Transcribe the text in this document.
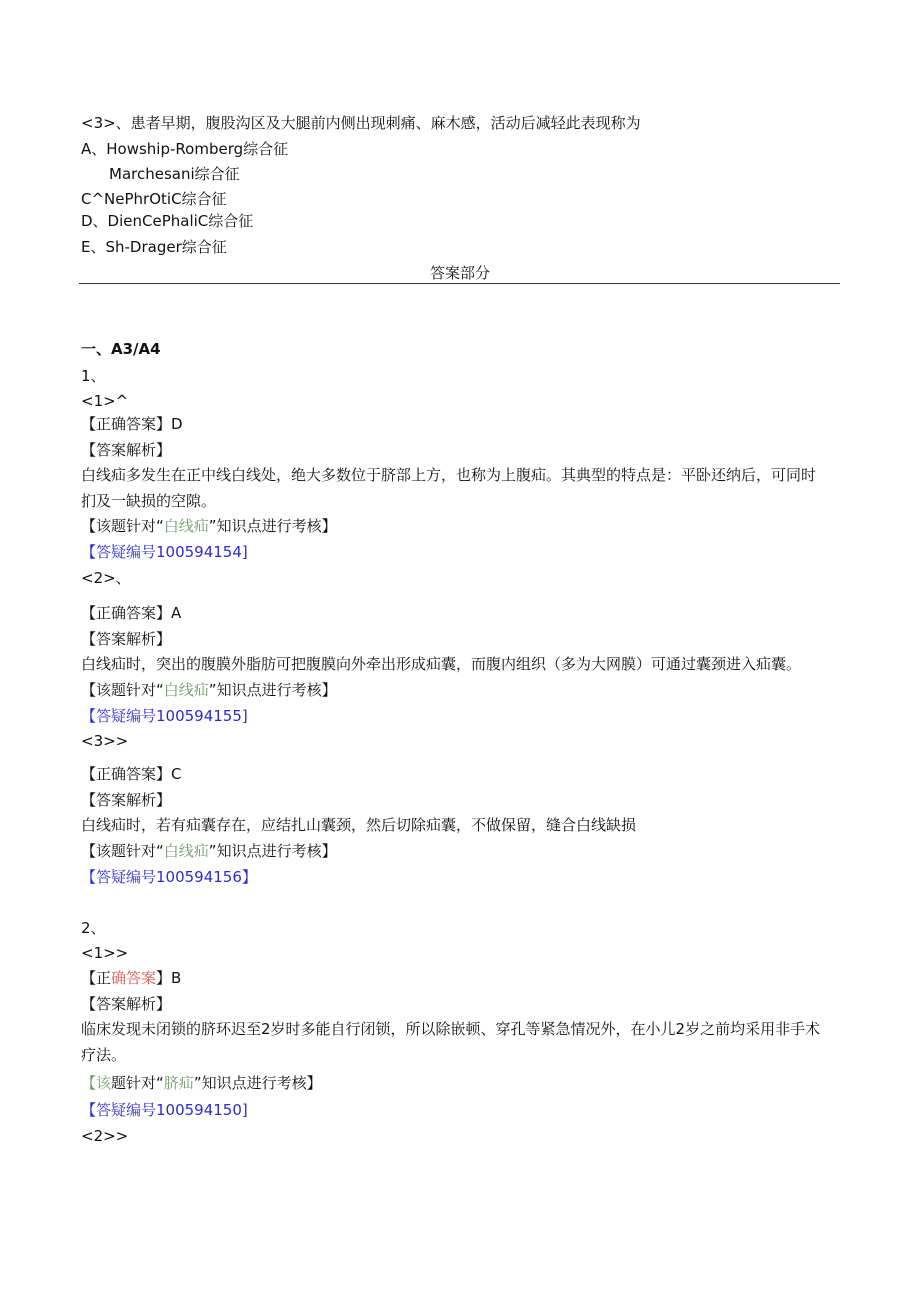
<3>、患者早期，腹股沟区及大腿前内侧出现刺痛、麻木感，活动后减轻此表现称为
A、Howship-Romberg综合征
Marchesani综合征
C^NePhrOtiC综合征
D、DienCePhaliC综合征
E、Sh-Drager综合征
答案部分
一、A3/A4
1、
<1>^
【正确答案】D
【答案解析】
白线疝多发生在正中线白线处，绝大多数位于脐部上方，也称为上腹疝。其典型的特点是：平卧还纳后，可同时扪及一缺损的空隙。
【该题针对“白线疝”知识点进行考核】
【答疑编号100594154]
<2>、
【正确答案】A
【答案解析】
白线疝时，突出的腹膜外脂肪可把腹膜向外牵出形成疝囊，而腹内组织（多为大网膜）可通过囊颈进入疝囊。
【该题针对“白线疝”知识点进行考核】
【答疑编号100594155]
<3>>
【正确答案】C
【答案解析】
白线疝时，若有疝囊存在，应结扎山囊颈，然后切除疝囊，不做保留，缝合白线缺损
【该题针对“白线疝”知识点进行考核】
【答疑编号100594156】
2、
<1>>
【正确答案】B
【答案解析】
临床发现未闭锁的脐环迟至2岁时多能自行闭锁，所以除嵌顿、穿孔等紧急情况外，在小儿2岁之前均采用非手术疗法。
【该题针对“脐疝”知识点进行考核】
【答疑编号100594150]
<2>>
